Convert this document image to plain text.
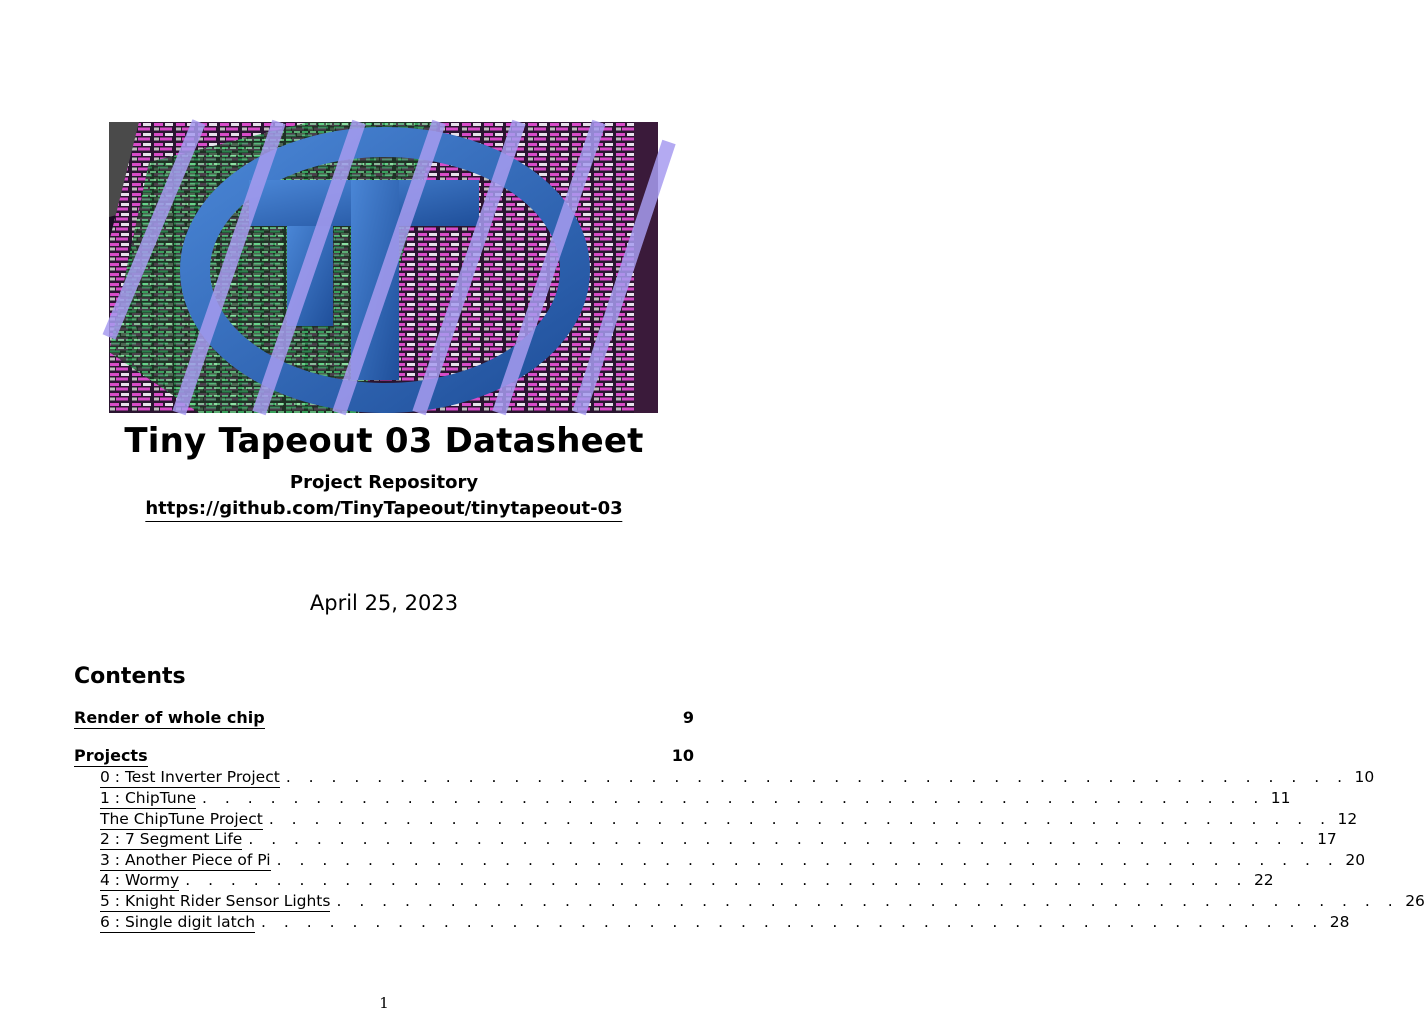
Tiny Tapeout 03 Datasheet
Project Repository
https://github.com/TinyTapeout/tinytapeout-03
April 25, 2023
Contents
Render of whole chip	9
Projects	10
0 : Test Inverter Project . . . . . . . . . . . . . . . . . . . . . . . . . . . . . . . . . . . . . . . . . . . . . . . 10
1 : ChipTune . . . . . . . . . . . . . . . . . . . . . . . . . . . . . . . . . . . . . . . . . . . . . . . 11
The ChipTune Project . . . . . . . . . . . . . . . . . . . . . . . . . . . . . . . . . . . . . . . . . . . . . . . 12
2 : 7 Segment Life . . . . . . . . . . . . . . . . . . . . . . . . . . . . . . . . . . . . . . . . . . . . . . . 17
3 : Another Piece of Pi . . . . . . . . . . . . . . . . . . . . . . . . . . . . . . . . . . . . . . . . . . . . . . . 20
4 : Wormy . . . . . . . . . . . . . . . . . . . . . . . . . . . . . . . . . . . . . . . . . . . . . . . 22
5 : Knight Rider Sensor Lights . . . . . . . . . . . . . . . . . . . . . . . . . . . . . . . . . . . . . . . . . . . . . . . 26
6 : Single digit latch . . . . . . . . . . . . . . . . . . . . . . . . . . . . . . . . . . . . . . . . . . . . . . . 28
1
